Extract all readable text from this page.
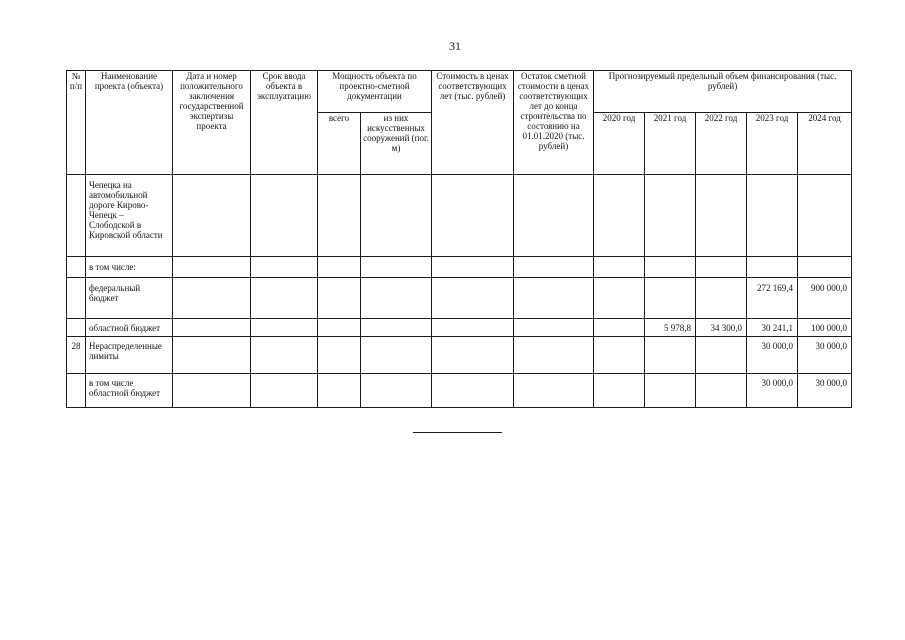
31
№ п/п	Наименование проекта (объекта)	Дата и номер положительного заключения государственной экспертизы проекта	Срок ввода объекта в эксплуатацию	Мощность объекта по проектно-сметной документации		Стоимость в ценах соответствующих лет (тыс. рублей)	Остаток сметной стоимости в ценах соответствующих лет до конца строительства по состоянию на 01.01.2020 (тыс. рублей)	Прогнозируемый предельный объем финансирования (тыс. рублей)				
				всего	из них искусственных сооружений (пог. м)			2020 год	2021 год	2022 год	2023 год	2024 год
	Чепецка на автомобильной дороге Кирово-Чепецк – Слободской в Кировской области											
	в том числе:											
	федеральный бюджет										272 169,4	900 000,0
	областной бюджет								5 978,8	34 300,0	30 241,1	100 000,0
28	Нераспределенные лимиты										30 000,0	30 000,0
	в том числе областной бюджет										30 000,0	30 000,0
